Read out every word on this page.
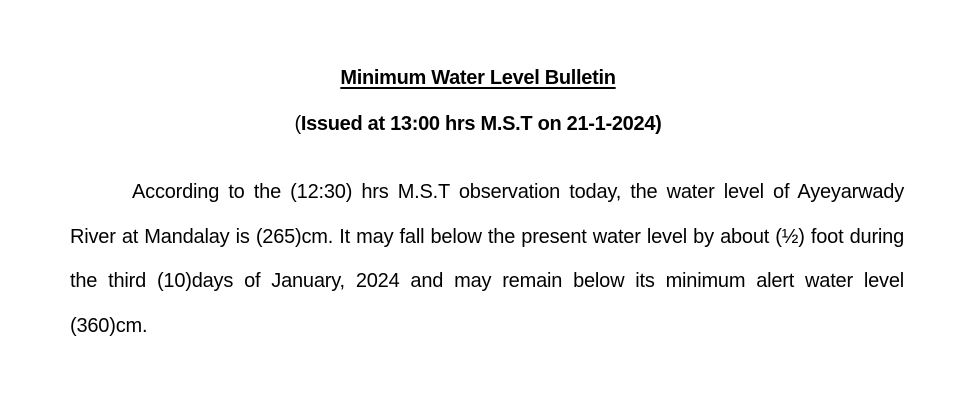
Minimum Water Level Bulletin
(Issued at 13:00 hrs M.S.T on 21-1-2024)

According to the (12:30) hrs M.S.T observation today, the water level of Ayeyarwady River at Mandalay is (265)cm. It may fall below the present water level by about (½) foot during the third (10)days of January, 2024 and may remain below its minimum alert water level (360)cm.
